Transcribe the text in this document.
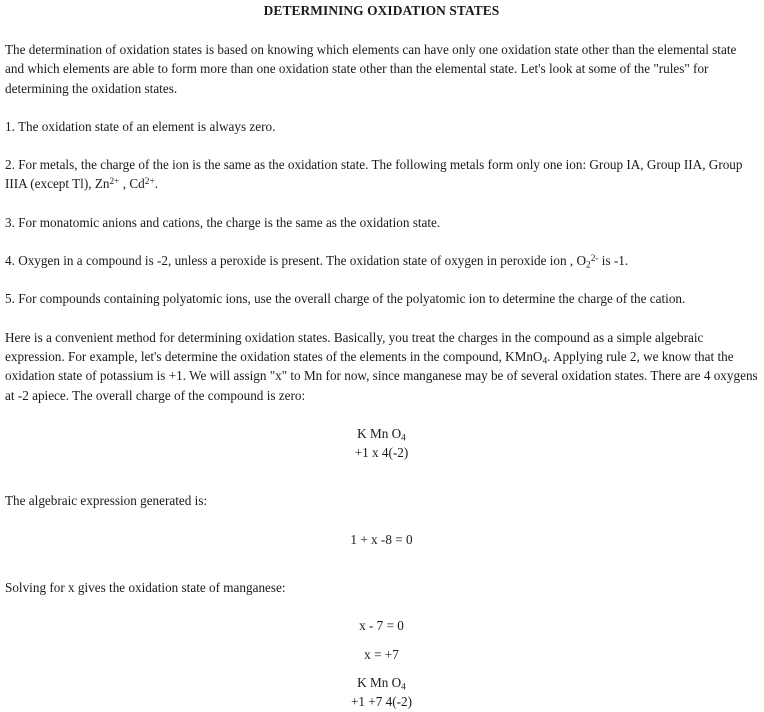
DETERMINING OXIDATION STATES

The determination of oxidation states is based on knowing which elements can have only one oxidation state other than the elemental state and which elements are able to form more than one oxidation state other than the elemental state. Let's look at some of the "rules" for determining the oxidation states.

1. The oxidation state of an element is always zero.

2. For metals, the charge of the ion is the same as the oxidation state. The following metals form only one ion: Group IA, Group IIA, Group IIIA (except Tl), $Zn^{2+}$ , $Cd^{2+}$.

3. For monatomic anions and cations, the charge is the same as the oxidation state.

4. Oxygen in a compound is -2, unless a peroxide is present. The oxidation state of oxygen in peroxide ion , $O_2^{2-}$ is -1.

5. For compounds containing polyatomic ions, use the overall charge of the polyatomic ion to determine the charge of the cation.

Here is a convenient method for determining oxidation states. Basically, you treat the charges in the compound as a simple algebraic expression. For example, let's determine the oxidation states of the elements in the compound, KMnO$_4$. Applying rule 2, we know that the oxidation state of potassium is +1. We will assign "x" to Mn for now, since manganese may be of several oxidation states. There are 4 oxygens at -2 apiece. The overall charge of the compound is zero:

K Mn $O_4$
+1 x 4(-2)

The algebraic expression generated is:

1 + x -8 = 0

Solving for x gives the oxidation state of manganese:

x - 7 = 0
x = +7
K Mn $O_4$
+1 +7 4(-2)
